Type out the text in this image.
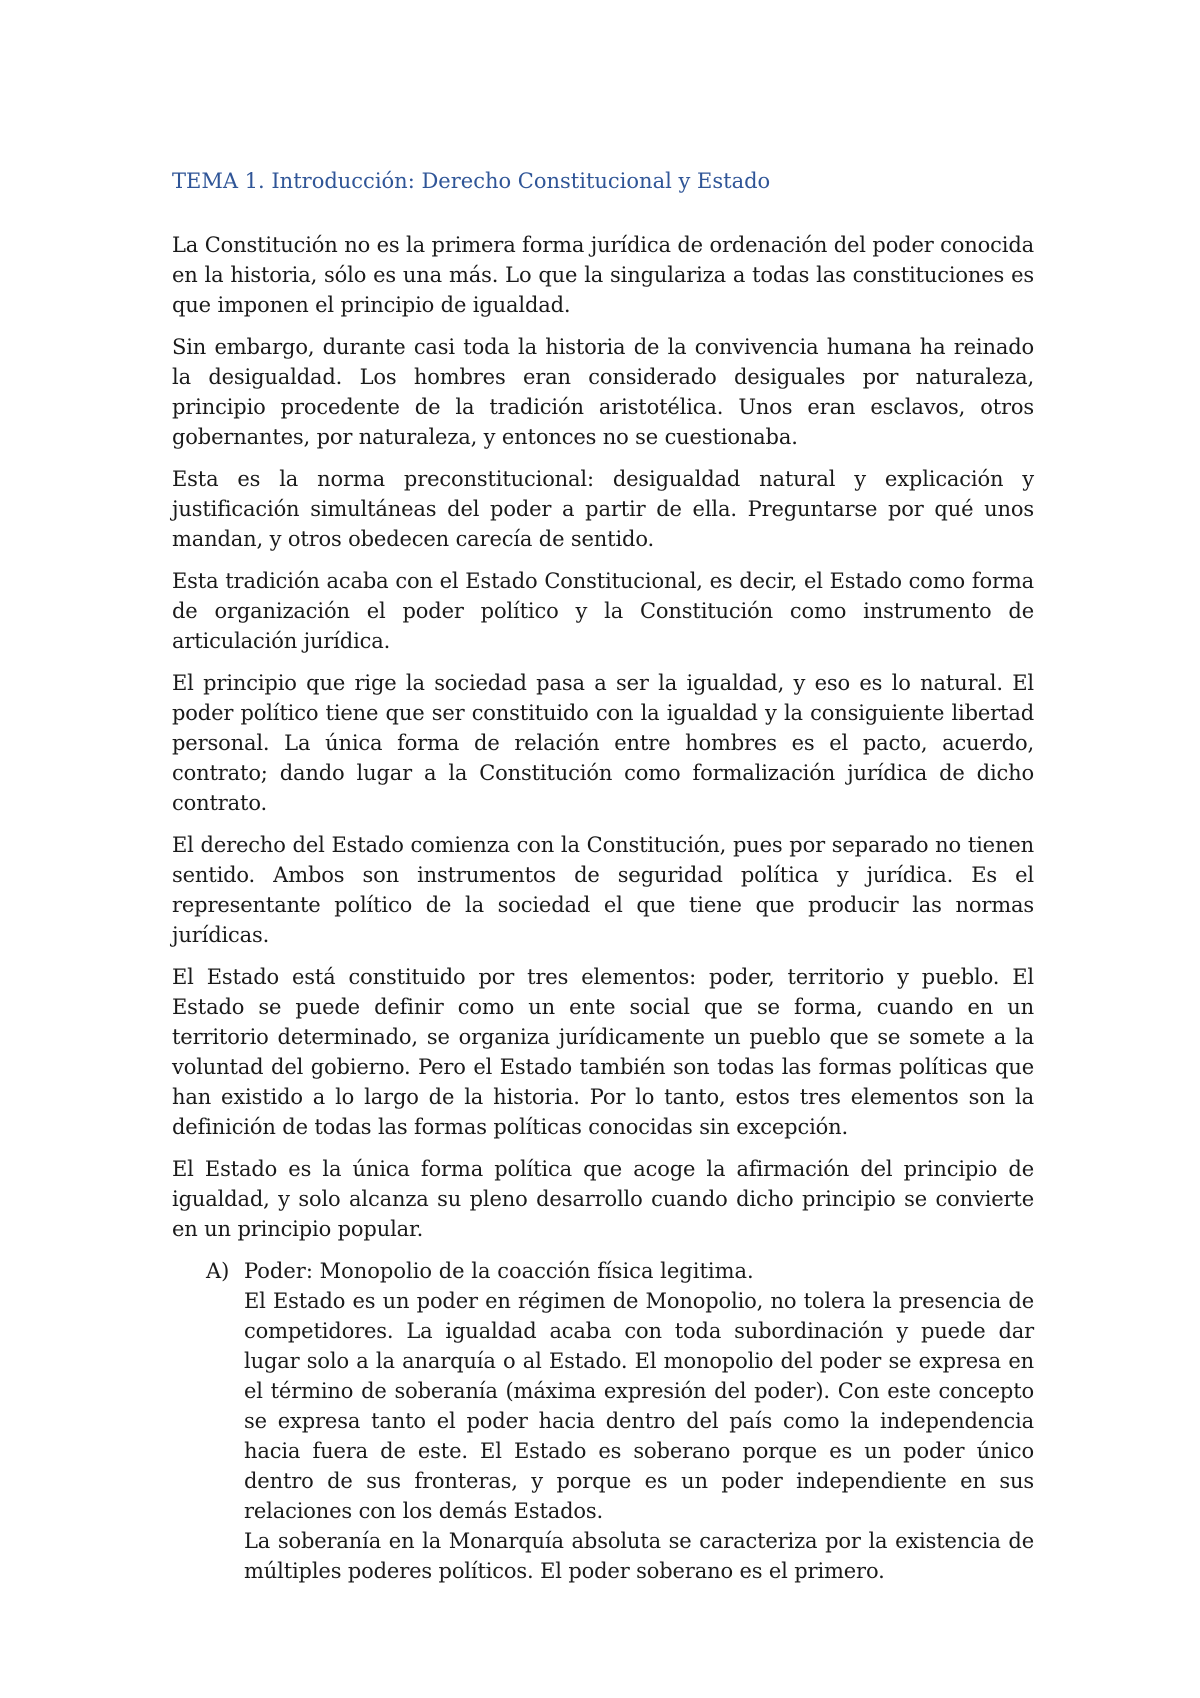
TEMA 1. Introducción: Derecho Constitucional y Estado

La Constitución no es la primera forma jurídica de ordenación del poder conocida en la historia, sólo es una más. Lo que la singulariza a todas las constituciones es que imponen el principio de igualdad.

Sin embargo, durante casi toda la historia de la convivencia humana ha reinado la desigualdad. Los hombres eran considerado desiguales por naturaleza, principio procedente de la tradición aristotélica. Unos eran esclavos, otros gobernantes, por naturaleza, y entonces no se cuestionaba.

Esta es la norma preconstitucional: desigualdad natural y explicación y justificación simultáneas del poder a partir de ella. Preguntarse por qué unos mandan, y otros obedecen carecía de sentido.

Esta tradición acaba con el Estado Constitucional, es decir, el Estado como forma de organización el poder político y la Constitución como instrumento de articulación jurídica.

El principio que rige la sociedad pasa a ser la igualdad, y eso es lo natural. El poder político tiene que ser constituido con la igualdad y la consiguiente libertad personal. La única forma de relación entre hombres es el pacto, acuerdo, contrato; dando lugar a la Constitución como formalización jurídica de dicho contrato.

El derecho del Estado comienza con la Constitución, pues por separado no tienen sentido. Ambos son instrumentos de seguridad política y jurídica. Es el representante político de la sociedad el que tiene que producir las normas jurídicas.

El Estado está constituido por tres elementos: poder, territorio y pueblo. El Estado se puede definir como un ente social que se forma, cuando en un territorio determinado, se organiza jurídicamente un pueblo que se somete a la voluntad del gobierno. Pero el Estado también son todas las formas políticas que han existido a lo largo de la historia. Por lo tanto, estos tres elementos son la definición de todas las formas políticas conocidas sin excepción.

El Estado es la única forma política que acoge la afirmación del principio de igualdad, y solo alcanza su pleno desarrollo cuando dicho principio se convierte en un principio popular.

A) Poder: Monopolio de la coacción física legitima.

El Estado es un poder en régimen de Monopolio, no tolera la presencia de competidores. La igualdad acaba con toda subordinación y puede dar lugar solo a la anarquía o al Estado. El monopolio del poder se expresa en el término de soberanía (máxima expresión del poder). Con este concepto se expresa tanto el poder hacia dentro del país como la independencia hacia fuera de este. El Estado es soberano porque es un poder único dentro de sus fronteras, y porque es un poder independiente en sus relaciones con los demás Estados.

La soberanía en la Monarquía absoluta se caracteriza por la existencia de múltiples poderes políticos. El poder soberano es el primero.
